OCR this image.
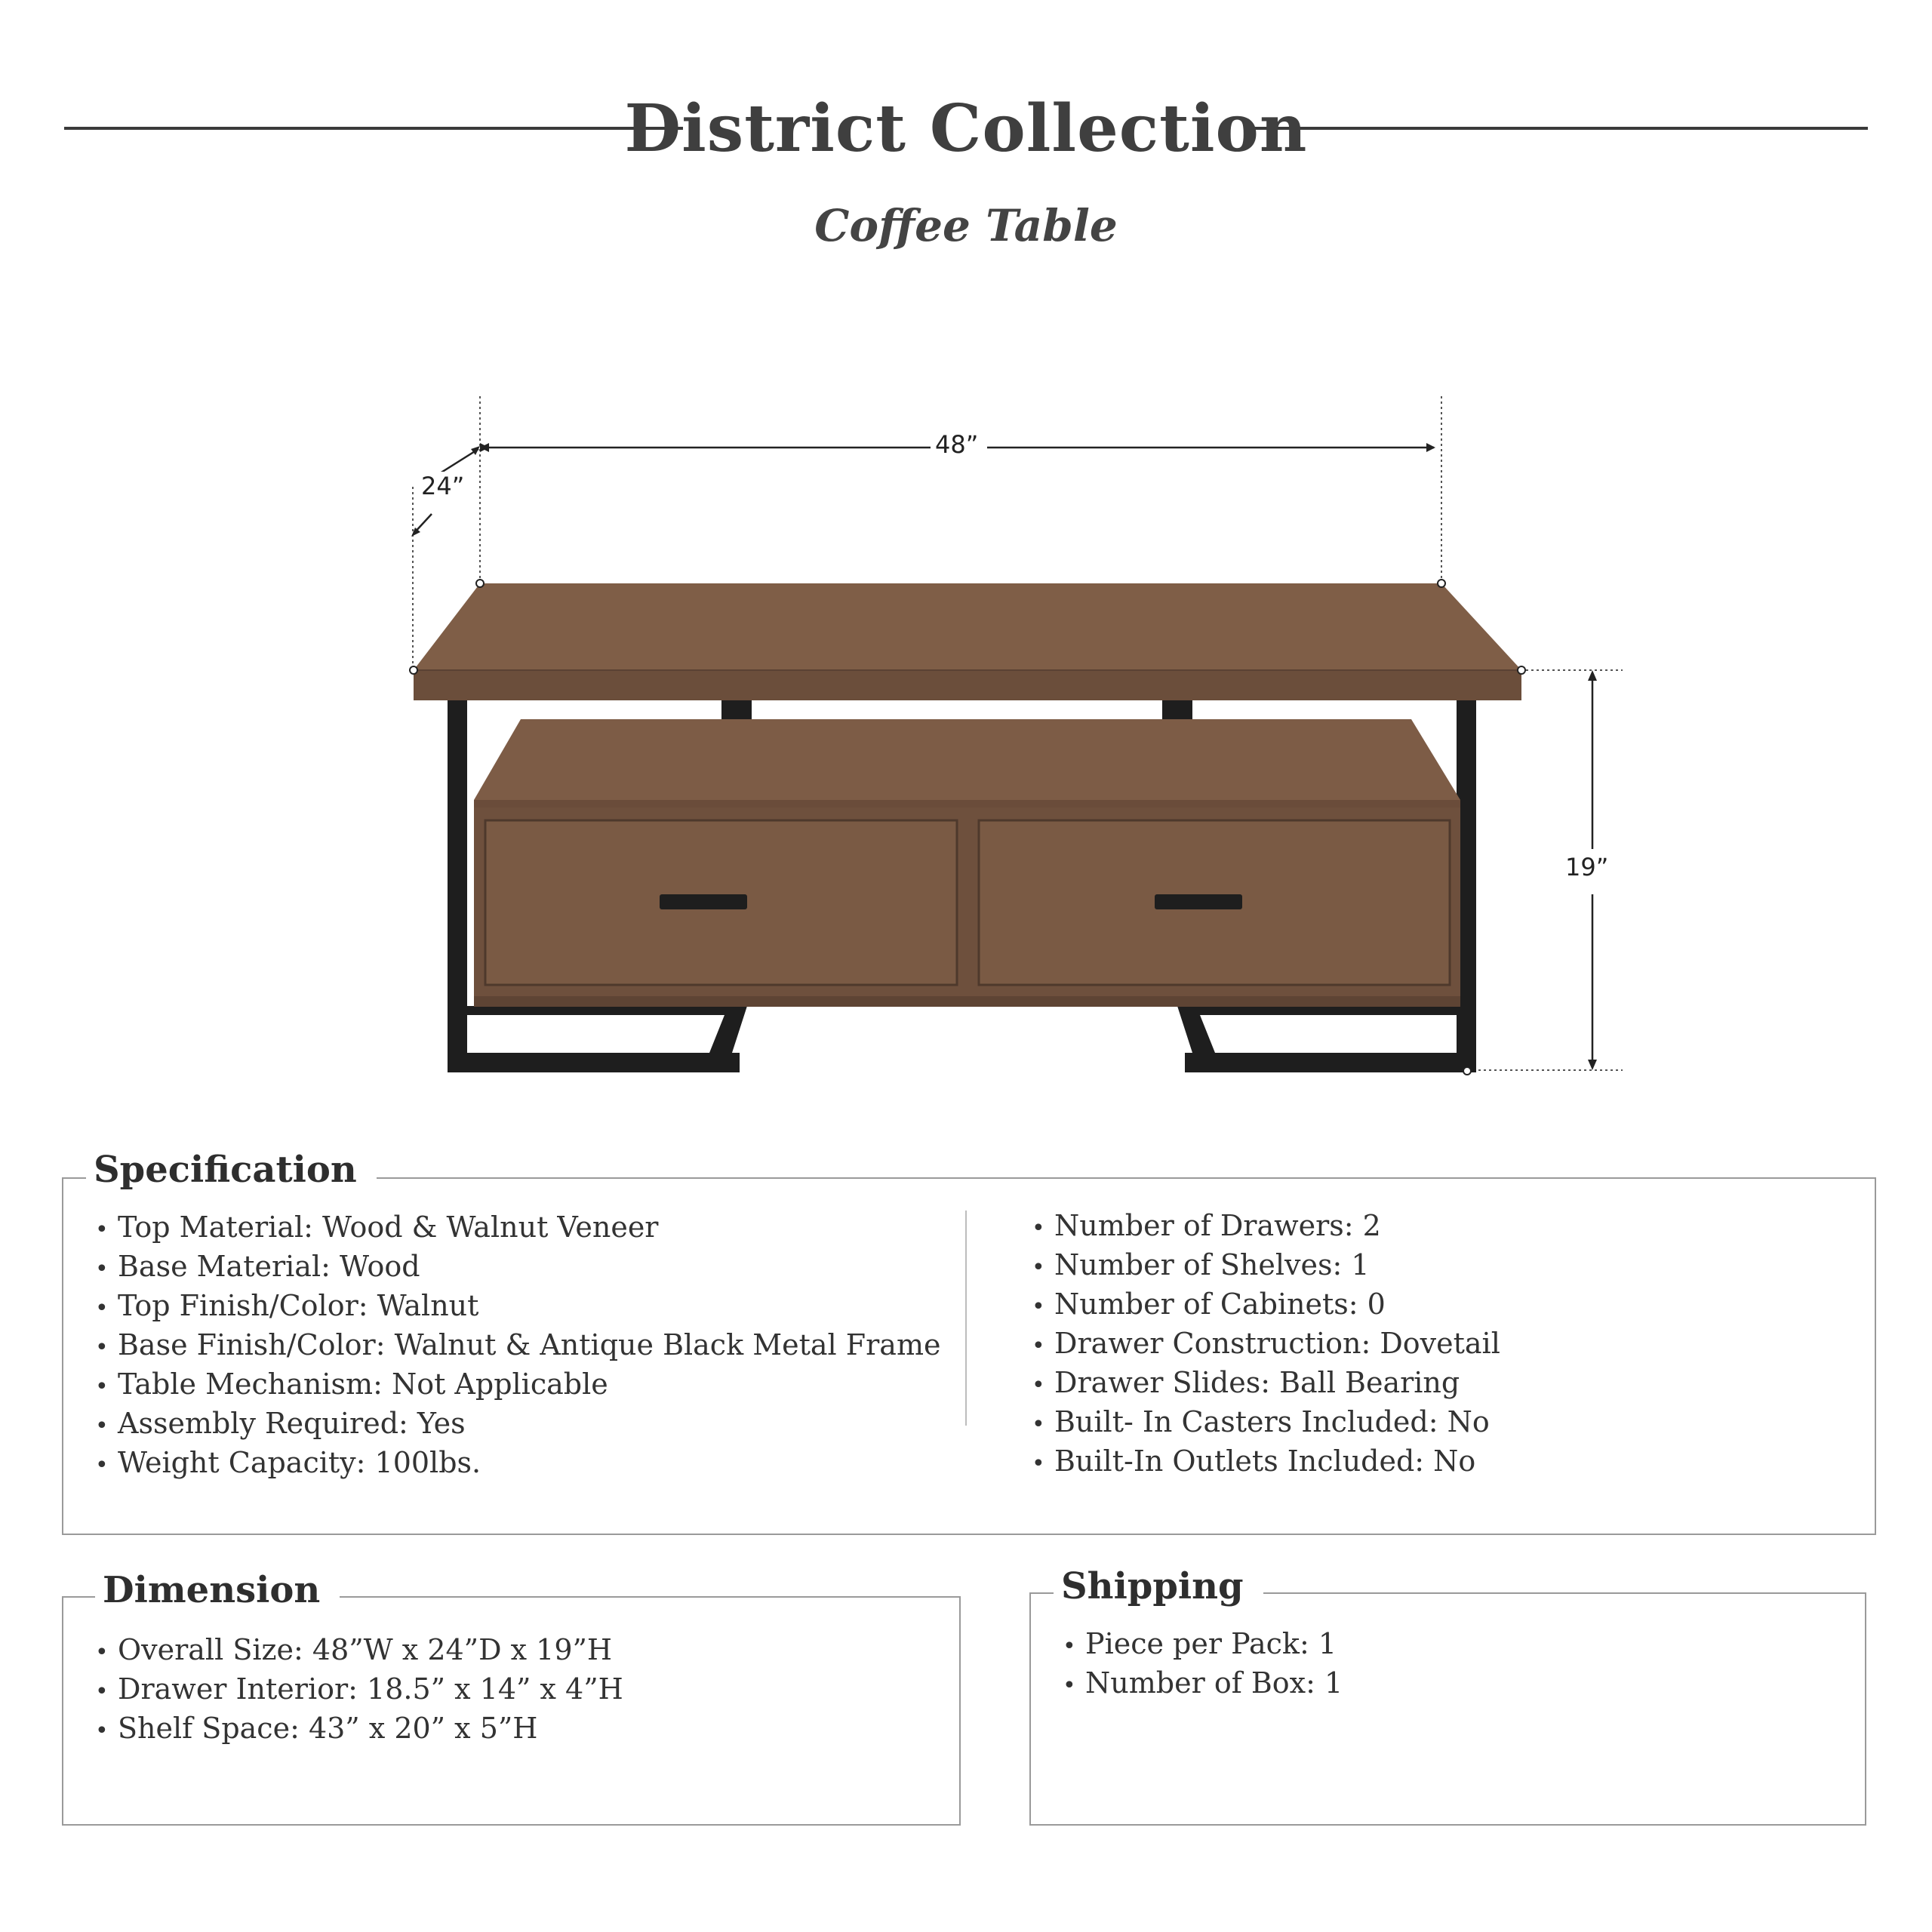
District Collection
Coffee Table
48”
24”
19”
Specification
• Top Material: Wood & Walnut Veneer
• Base Material: Wood
• Top Finish/Color: Walnut
• Base Finish/Color: Walnut & Antique Black Metal Frame
• Table Mechanism: Not Applicable
• Assembly Required: Yes
• Weight Capacity: 100lbs.
• Number of Drawers: 2
• Number of Shelves: 1
• Number of Cabinets: 0
• Drawer Construction: Dovetail
• Drawer Slides: Ball Bearing
• Built- In Casters Included: No
• Built-In Outlets Included: No
Dimension
• Overall Size: 48”W x 24”D x 19”H
• Drawer Interior: 18.5” x 14” x 4”H
• Shelf Space: 43” x 20” x 5”H
Shipping
• Piece per Pack: 1
• Number of Box: 1
